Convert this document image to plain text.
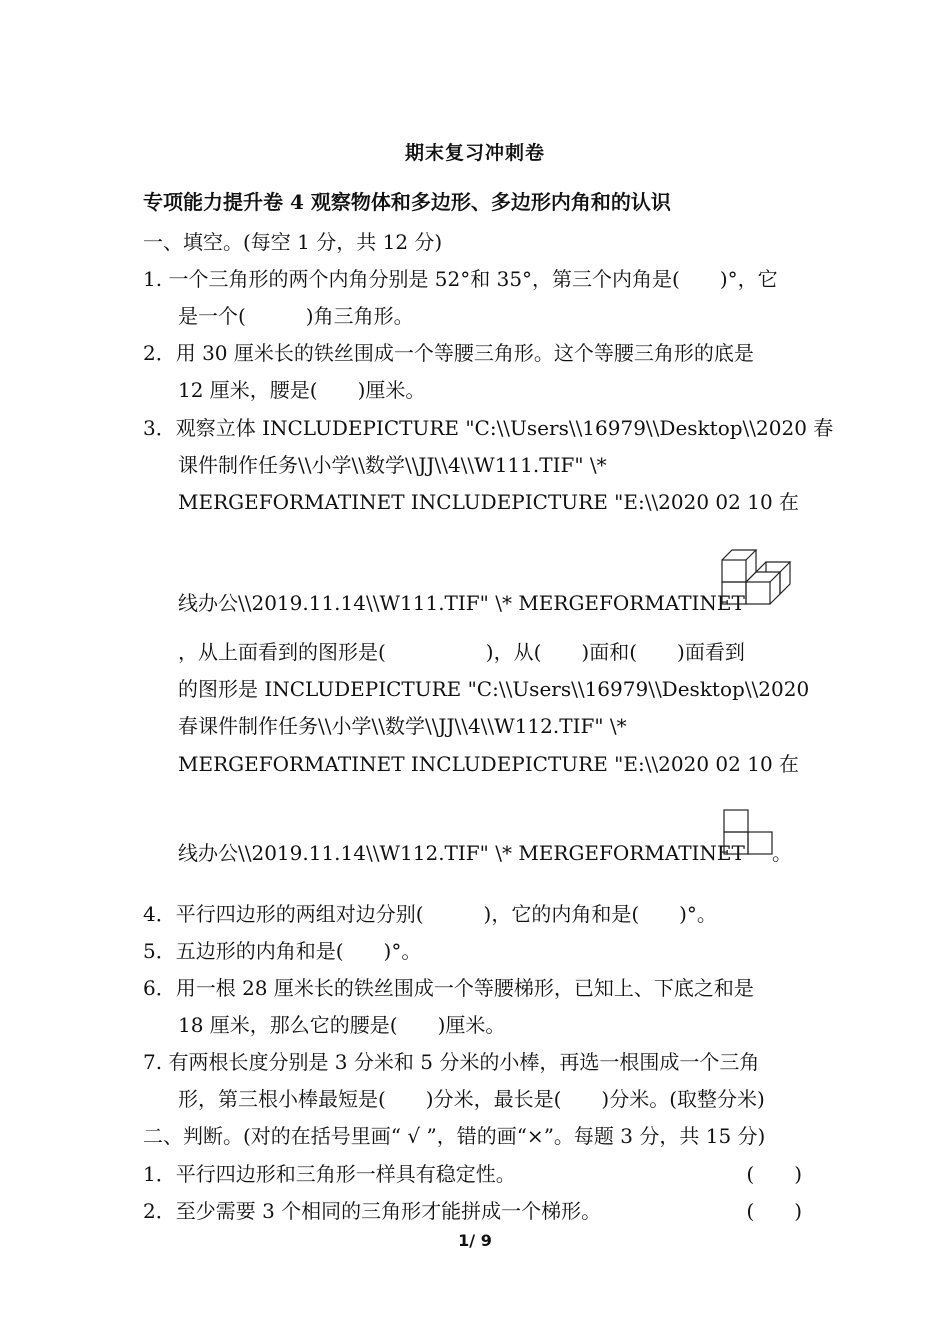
期末复习冲刺卷
专项能力提升卷 4 观察物体和多边形、多边形内角和的认识
一、填空。(每空 1 分，共 12 分)
1. 一个三角形的两个内角分别是 52°和 35°，第三个内角是(　　)°，它
是一个(　　　)角三角形。
2．用 30 厘米长的铁丝围成一个等腰三角形。这个等腰三角形的底是
12 厘米，腰是(　　)厘米。
3．观察立体 INCLUDEPICTURE "C:\\Users\\16979\\Desktop\\2020 春
课件制作任务\\小学\\数学\\JJ\\4\\W111.TIF" \*
MERGEFORMATINET INCLUDEPICTURE "E:\\2020 02 10 在
线办公\\2019.11.14\\W111.TIF" \* MERGEFORMATINET
，从上面看到的图形是(　　　　　)，从(　　)面和(　　)面看到
的图形是 INCLUDEPICTURE "C:\\Users\\16979\\Desktop\\2020
春课件制作任务\\小学\\数学\\JJ\\4\\W112.TIF" \*
MERGEFORMATINET INCLUDEPICTURE "E:\\2020 02 10 在
线办公\\2019.11.14\\W112.TIF" \* MERGEFORMATINET 。
4．平行四边形的两组对边分别(　　　)，它的内角和是(　　)°。
5．五边形的内角和是(　　)°。
6．用一根 28 厘米长的铁丝围成一个等腰梯形，已知上、下底之和是
18 厘米，那么它的腰是(　　)厘米。
7. 有两根长度分别是 3 分米和 5 分米的小棒，再选一根围成一个三角
形，第三根小棒最短是(　　)分米，最长是(　　)分米。(取整分米)
二、判断。(对的在括号里画“ √ ”，错的画“×”。每题 3 分，共 15 分)
1．平行四边形和三角形一样具有稳定性。	(　　)
2．至少需要 3 个相同的三角形才能拼成一个梯形。	(　　)
1/ 9
